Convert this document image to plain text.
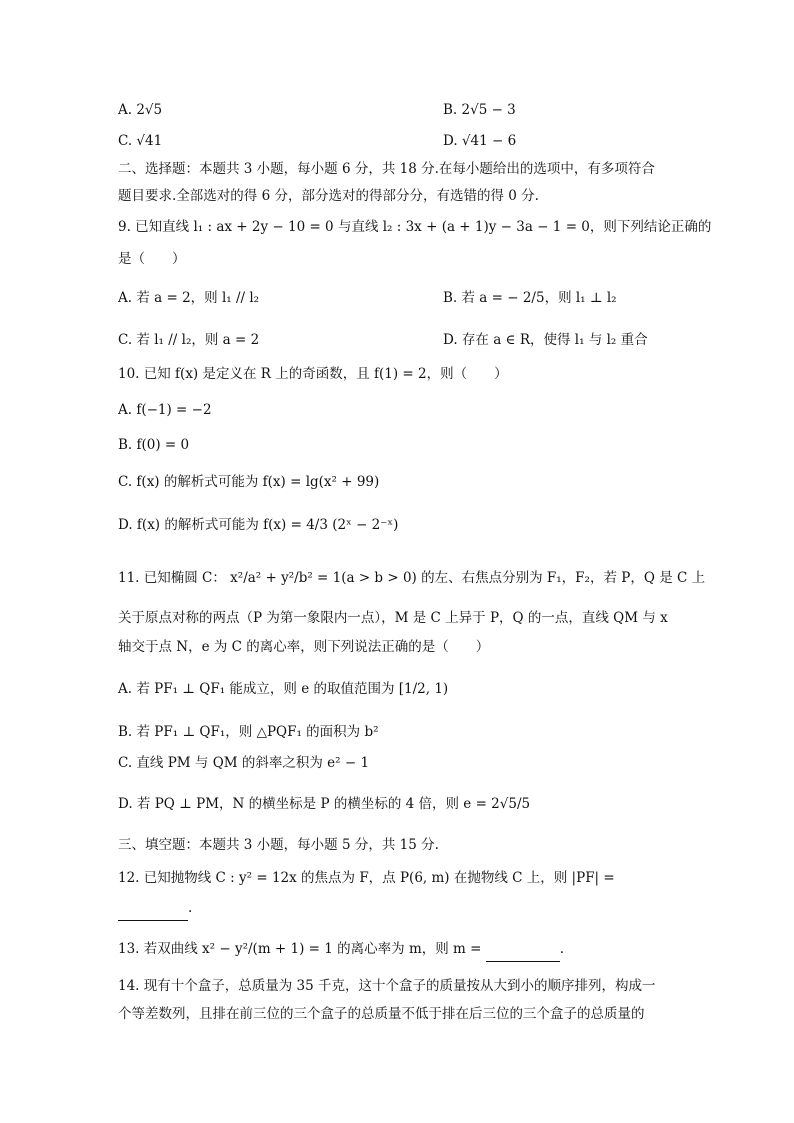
A. 2√5	B. 2√5 − 3
C. √41	D. √41 − 6
二、选择题：本题共 3 小题，每小题 6 分，共 18 分.在每小题给出的选项中，有多项符合
题目要求.全部选对的得 6 分，部分选对的得部分分，有选错的得 0 分.
9. 已知直线 l₁ : ax + 2y − 10 = 0 与直线 l₂ : 3x + (a + 1)y − 3a − 1 = 0，则下列结论正确的
是（　　）
A. 若 a = 2，则 l₁ // l₂	B. 若 a = − 2/5，则 l₁ ⊥ l₂
C. 若 l₁ // l₂，则 a = 2	D. 存在 a ∈ R，使得 l₁ 与 l₂ 重合
10. 已知 f(x) 是定义在 R 上的奇函数，且 f(1) = 2，则（　　）
A. f(−1) = −2
B. f(0) = 0
C. f(x) 的解析式可能为 f(x) = lg(x² + 99)
D. f(x) 的解析式可能为 f(x) = 4/3 (2ˣ − 2⁻ˣ)
11. 已知椭圆 C： x²/a² + y²/b² = 1(a > b > 0) 的左、右焦点分别为 F₁，F₂，若 P，Q 是 C 上
关于原点对称的两点（P 为第一象限内一点），M 是 C 上异于 P，Q 的一点，直线 QM 与 x
轴交于点 N，e 为 C 的离心率，则下列说法正确的是（　　）
A. 若 PF₁ ⊥ QF₁ 能成立，则 e 的取值范围为 [1/2, 1)
B. 若 PF₁ ⊥ QF₁，则 △PQF₁ 的面积为 b²
C. 直线 PM 与 QM 的斜率之积为 e² − 1
D. 若 PQ ⊥ PM，N 的横坐标是 P 的横坐标的 4 倍，则 e = 2√5/5
三、填空题：本题共 3 小题，每小题 5 分，共 15 分.
12. 已知抛物线 C : y² = 12x 的焦点为 F，点 P(6, m) 在抛物线 C 上，则 |PF| =
.
13. 若双曲线 x² − y²/(m + 1) = 1 的离心率为 m，则 m =	.
14. 现有十个盒子，总质量为 35 千克，这十个盒子的质量按从大到小的顺序排列，构成一
个等差数列，且排在前三位的三个盒子的总质量不低于排在后三位的三个盒子的总质量的
